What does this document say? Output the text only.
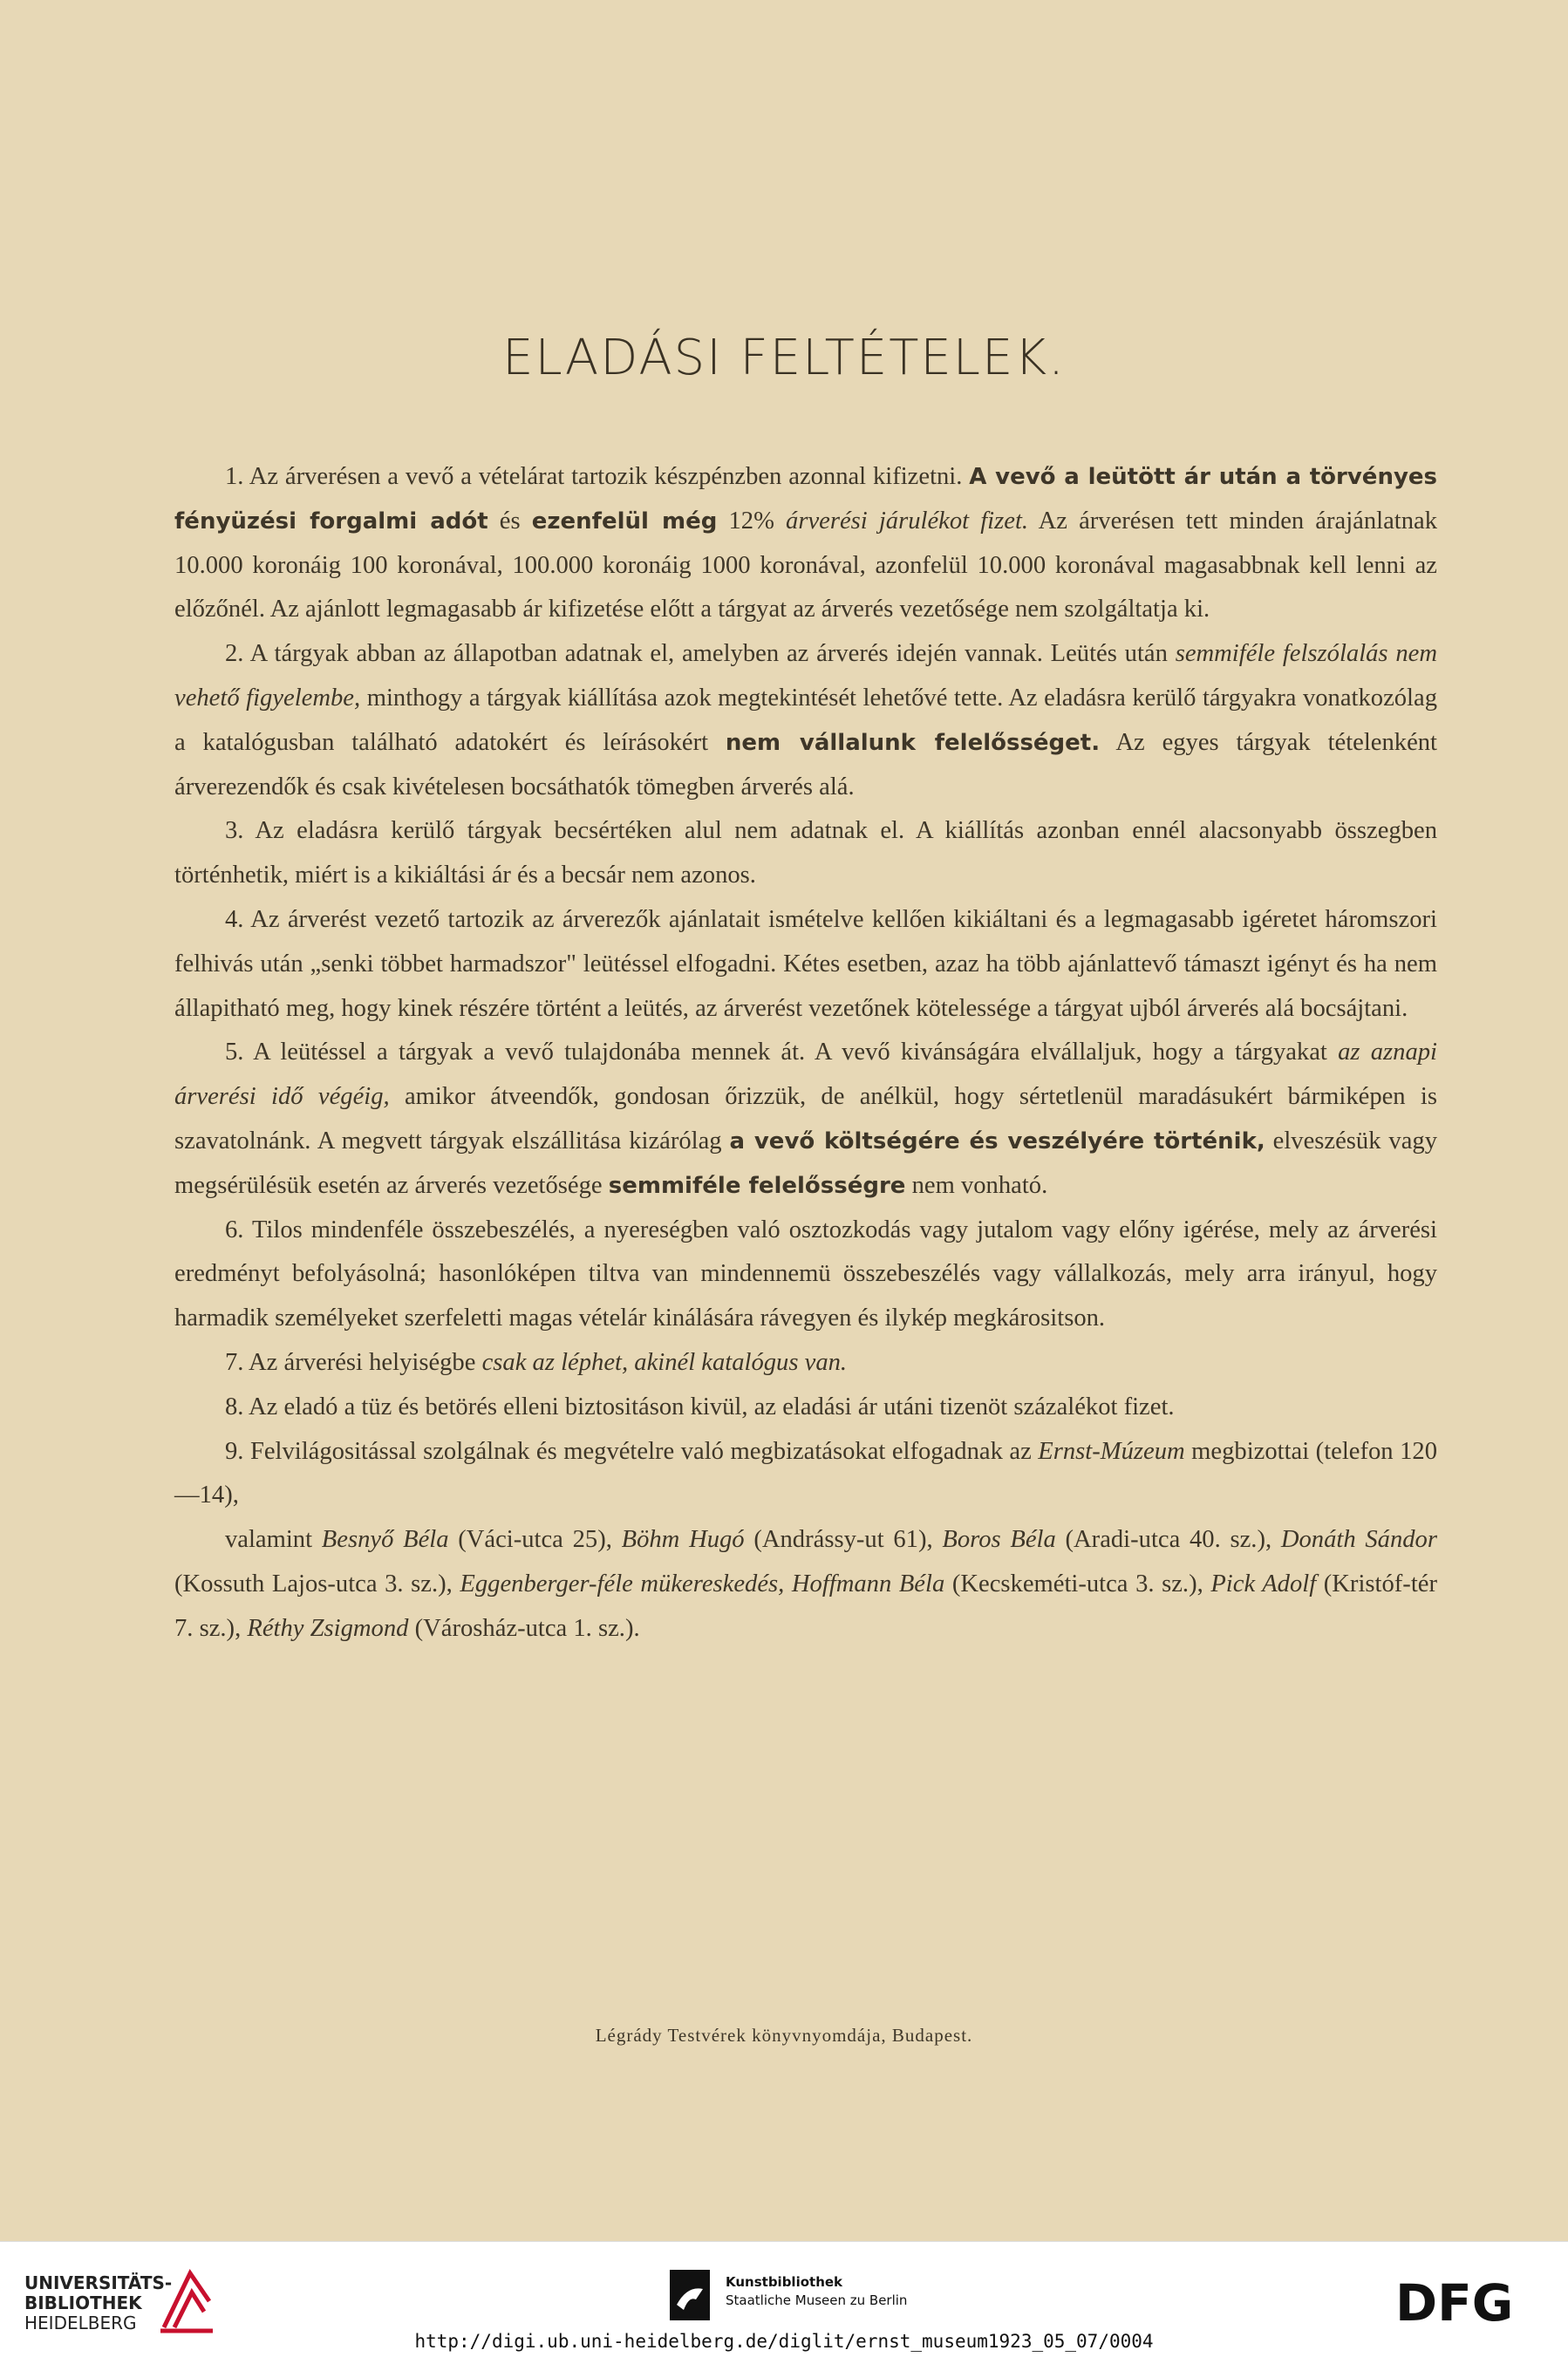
ELADÁSI FELTÉTELEK.

1. Az árverésen a vevő a vételárat tartozik készpénzben azonnal kifizetni. A vevő a leütött ár után a törvényes fényüzési forgalmi adót és ezenfelül még 12% árverési járulékot fizet. Az árverésen tett minden árajánlatnak 10.000 koronáig 100 koronával, 100.000 koronáig 1000 koronával, azonfelül 10.000 koronával magasabbnak kell lenni az előzőnél. Az ajánlott legmagasabb ár kifizetése előtt a tárgyat az árverés vezetősége nem szolgáltatja ki.

2. A tárgyak abban az állapotban adatnak el, amelyben az árverés idején vannak. Leütés után semmiféle felszólalás nem vehető figyelembe, minthogy a tárgyak kiállítása azok megtekintését lehetővé tette. Az eladásra kerülő tárgyakra vonatkozólag a katalógusban található adatokért és leírásokért nem vállalunk felelősséget. Az egyes tárgyak tételenként árverezendők és csak kivételesen bocsáthatók tömegben árverés alá.

3. Az eladásra kerülő tárgyak becsértéken alul nem adatnak el. A kiállítás azonban ennél alacsonyabb összegben történhetik, miért is a kikiáltási ár és a becsár nem azonos.

4. Az árverést vezető tartozik az árverezők ajánlatait ismételve kellően kikiáltani és a legmagasabb igéretet háromszori felhivás után „senki többet harmadszor" leütéssel elfogadni. Kétes esetben, azaz ha több ajánlattevő támaszt igényt és ha nem állapitható meg, hogy kinek részére történt a leütés, az árverést vezetőnek kötelessége a tárgyat ujból árverés alá bocsájtani.

5. A leütéssel a tárgyak a vevő tulajdonába mennek át. A vevő kivánságára elvállaljuk, hogy a tárgyakat az aznapi árverési idő végéig, amikor átveendők, gondosan őrizzük, de anélkül, hogy sértetlenül maradásukért bármiképen is szavatolnánk. A megvett tárgyak elszállitása kizárólag a vevő költségére és veszélyére történik, elveszésük vagy megsérülésük esetén az árverés vezetősége semmiféle felelősségre nem vonható.

6. Tilos mindenféle összebeszélés, a nyereségben való osztozkodás vagy jutalom vagy előny igérése, mely az árverési eredményt befolyásolná; hasonlóképen tiltva van mindennemü összebeszélés vagy vállalkozás, mely arra irányul, hogy harmadik személyeket szerfeletti magas vételár kinálására rávegyen és ilykép megkárositson.

7. Az árverési helyiségbe csak az léphet, akinél katalógus van.

8. Az eladó a tüz és betörés elleni biztositáson kivül, az eladási ár utáni tizenöt százalékot fizet.

9. Felvilágositással szolgálnak és megvételre való megbizatásokat elfogadnak az Ernst-Múzeum megbizottai (telefon 120—14),

valamint Besnyő Béla (Váci-utca 25), Böhm Hugó (Andrássy-ut 61), Boros Béla (Aradi-utca 40. sz.), Donáth Sándor (Kossuth Lajos-utca 3. sz.), Eggenberger-féle mükereskedés, Hoffmann Béla (Kecskeméti-utca 3. sz.), Pick Adolf (Kristóf-tér 7. sz.), Réthy Zsigmond (Városház-utca 1. sz.).

Légrády Testvérek könyvnyomdája, Budapest.
UNIVERSITÄTS-
BIBLIOTHEK
HEIDELBERG
Kunstbibliothek
Staatliche Museen zu Berlin	DFG
http://digi.ub.uni-heidelberg.de/diglit/ernst_museum1923_05_07/0004
